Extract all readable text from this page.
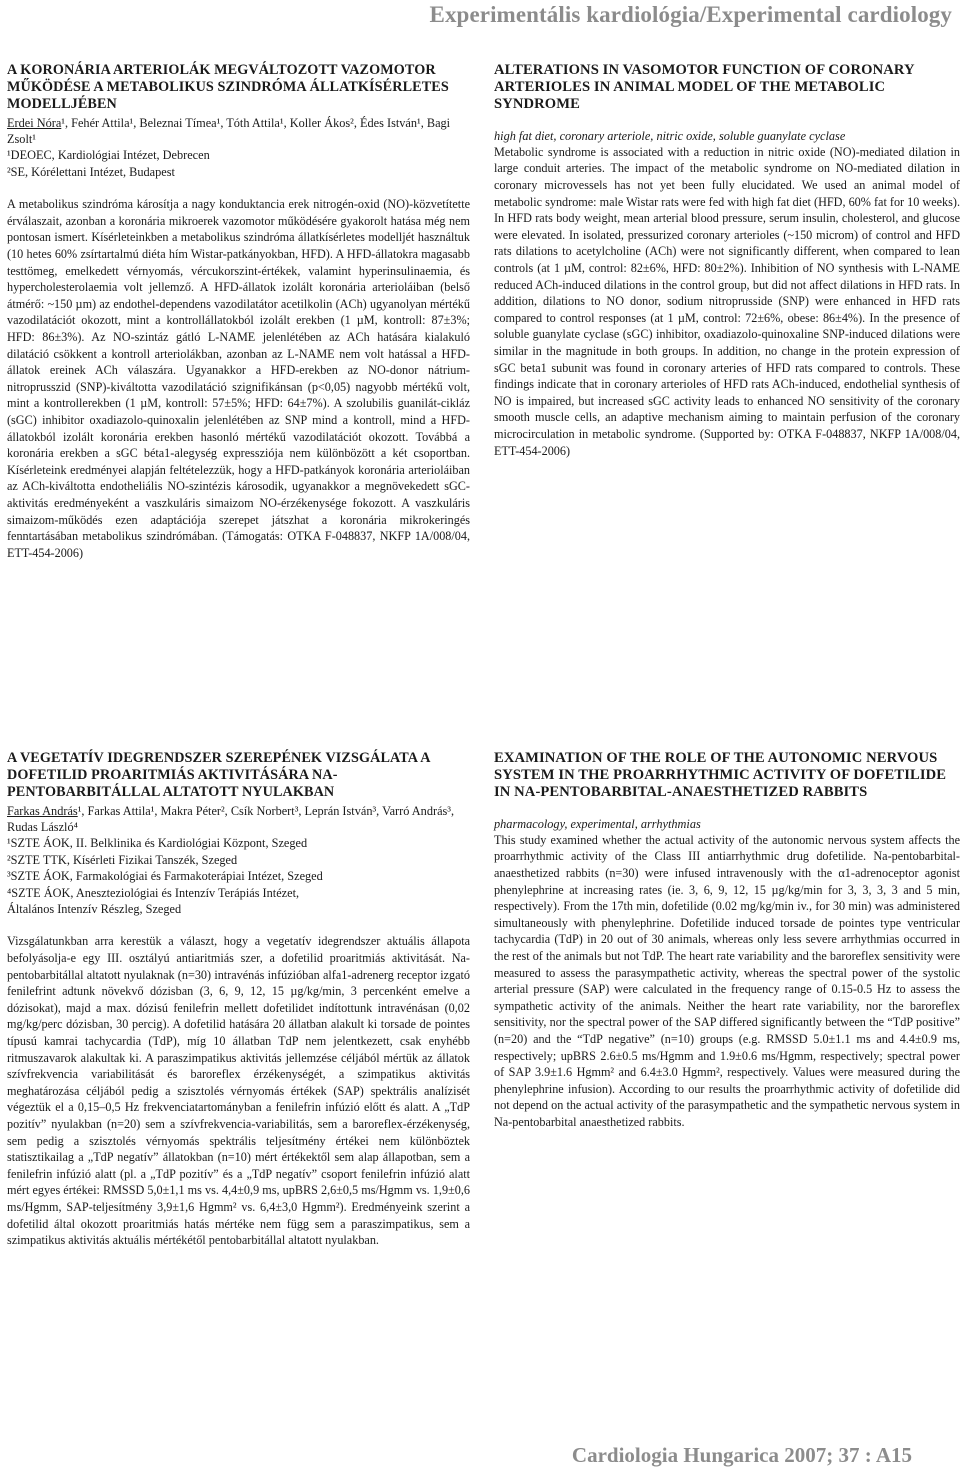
Experimentális kardiológia/Experimental cardiology
A KORONÁRIA ARTERIOLÁK MEGVÁLTOZOTT VAZOMOTOR MŰKÖDÉSE A METABOLIKUS SZINDRÓMA ÁLLATKÍSÉRLETES MODELLJÉBEN
Erdei Nóra¹, Fehér Attila¹, Beleznai Tímea¹, Tóth Attila¹, Koller Ákos², Édes István¹, Bagi Zsolt¹
¹DEOEC, Kardiológiai Intézet, Debrecen
²SE, Kórélettani Intézet, Budapest
A metabolikus szindróma károsítja a nagy konduktancia erek nitrogén-oxid (NO)-közvetítette érválaszait, azonban a koronária mikroerek vazomotor működésére gyakorolt hatása még nem pontosan ismert. Kísérleteinkben a metabolikus szindróma állatkísérletes modelljét használtuk (10 hetes 60% zsírtartalmú diéta hím Wistar-patkányokban, HFD). A HFD-állatokra magasabb testtömeg, emelkedett vérnyomás, vércukorszint-értékek, valamint hyperinsulinaemia, és hypercholesterolaemia volt jellemző. A HFD-állatok izolált koronária arterioláiban (belső átmérő: ~150 µm) az endothel-dependens vazodilatátor acetilkolin (ACh) ugyanolyan mértékű vazodilatációt okozott, mint a kontrollállatokból izolált erekben (1 µM, kontroll: 87±3%; HFD: 86±3%). Az NO-szintáz gátló L-NAME jelenlétében az ACh hatására kialakuló dilatáció csökkent a kontroll arteriolákban, azonban az L-NAME nem volt hatással a HFD-állatok ereinek ACh válaszára. Ugyanakkor a HFD-erekben az NO-donor nátrium-nitroprusszid (SNP)-kiváltotta vazodilatáció szignifikánsan (p<0,05) nagyobb mértékű volt, mint a kontrollerekben (1 µM, kontroll: 57±5%; HFD: 64±7%). A szolubilis guanilát-cikláz (sGC) inhibitor oxadiazolo-quinoxalin jelenlétében az SNP mind a kontroll, mind a HFD-állatokból izolált koronária erekben hasonló mértékű vazodilatációt okozott. Továbbá a koronária erekben a sGC béta1-alegység expressziója nem különbözött a két csoportban. Kísérleteink eredményei alapján feltételezzük, hogy a HFD-patkányok koronária arterioláiban az ACh-kiváltotta endotheliális NO-szintézis károsodik, ugyanakkor a megnövekedett sGC-aktivitás eredményeként a vaszkuláris simaizom NO-érzékenysége fokozott. A vaszkuláris simaizom-működés ezen adaptációja szerepet játszhat a koronária mikrokeringés fenntartásában metabolikus szindrómában. (Támogatás: OTKA F-048837, NKFP 1A/008/04, ETT-454-2006)
ALTERATIONS IN VASOMOTOR FUNCTION OF CORONARY ARTERIOLES IN ANIMAL MODEL OF THE METABOLIC SYNDROME
high fat diet, coronary arteriole, nitric oxide, soluble guanylate cyclase
Metabolic syndrome is associated with a reduction in nitric oxide (NO)-mediated dilation in large conduit arteries. The impact of the metabolic syndrome on NO-mediated dilation in coronary microvessels has not yet been fully elucidated. We used an animal model of metabolic syndrome: male Wistar rats were fed with high fat diet (HFD, 60% fat for 10 weeks). In HFD rats body weight, mean arterial blood pressure, serum insulin, cholesterol, and glucose were elevated. In isolated, pressurized coronary arterioles (~150 microm) of control and HFD rats dilations to acetylcholine (ACh) were not significantly different, when compared to lean controls (at 1 µM, control: 82±6%, HFD: 80±2%). Inhibition of NO synthesis with L-NAME reduced ACh-induced dilations in the control group, but did not affect dilations in HFD rats. In addition, dilations to NO donor, sodium nitroprusside (SNP) were enhanced in HFD rats compared to control responses (at 1 µM, control: 72±6%, obese: 86±4%). In the presence of soluble guanylate cyclase (sGC) inhibitor, oxadiazolo-quinoxaline SNP-induced dilations were similar in the magnitude in both groups. In addition, no change in the protein expression of sGC beta1 subunit was found in coronary arteries of HFD rats compared to controls. These findings indicate that in coronary arterioles of HFD rats ACh-induced, endothelial synthesis of NO is impaired, but increased sGC activity leads to enhanced NO sensitivity of the coronary smooth muscle cells, an adaptive mechanism aiming to maintain perfusion of the coronary microcirculation in metabolic syndrome. (Supported by: OTKA F-048837, NKFP 1A/008/04, ETT-454-2006)
A VEGETATÍV IDEGRENDSZER SZEREPÉNEK VIZSGÁLATA A DOFETILID PROARITMIÁS AKTIVITÁSÁRA NA-PENTOBARBITÁLLAL ALTATOTT NYULAKBAN
Farkas András¹, Farkas Attila¹, Makra Péter², Csík Norbert³, Leprán István³, Varró András³, Rudas László⁴
¹SZTE ÁOK, II. Belklinika és Kardiológiai Központ, Szeged
²SZTE TTK, Kísérleti Fizikai Tanszék, Szeged
³SZTE ÁOK, Farmakológiai és Farmakoterápiai Intézet, Szeged
⁴SZTE ÁOK, Aneszteziológiai és Intenzív Terápiás Intézet,
Általános Intenzív Részleg, Szeged
Vizsgálatunkban arra kerestük a választ, hogy a vegetatív idegrendszer aktuális állapota befolyásolja-e egy III. osztályú antiaritmiás szer, a dofetilid proaritmiás aktivitását. Na-pentobarbitállal altatott nyulaknak (n=30) intravénás infúzióban alfa1-adrenerg receptor izgató fenilefrint adtunk növekvő dózisban (3, 6, 9, 12, 15 µg/kg/min, 3 percenként emelve a dózisokat), majd a max. dózisú fenilefrin mellett dofetilidet indítottunk intravénásan (0,02 mg/kg/perc dózisban, 30 percig). A dofetilid hatására 20 állatban alakult ki torsade de pointes típusú kamrai tachycardia (TdP), míg 10 állatban TdP nem jelentkezett, csak enyhébb ritmuszavarok alakultak ki. A paraszimpatikus aktivitás jellemzése céljából mértük az állatok szívfrekvencia variabilitását és baroreflex érzékenységét, a szimpatikus aktivitás meghatározása céljából pedig a szisztolés vérnyomás értékek (SAP) spektrális analízisét végeztük el a 0,15–0,5 Hz frekvenciatartományban a fenilefrin infúzió előtt és alatt. A „TdP pozitív” nyulakban (n=20) sem a szívfrekvencia-variabilitás, sem a baroreflex-érzékenység, sem pedig a szisztolés vérnyomás spektrális teljesítmény értékei nem különböztek statisztikailag a „TdP negatív” állatokban (n=10) mért értékektől sem alap állapotban, sem a fenilefrin infúzió alatt (pl. a „TdP pozitív” és a „TdP negatív” csoport fenilefrin infúzió alatt mért egyes értékei: RMSSD 5,0±1,1 ms vs. 4,4±0,9 ms, upBRS 2,6±0,5 ms/Hgmm vs. 1,9±0,6 ms/Hgmm, SAP-teljesítmény 3,9±1,6 Hgmm² vs. 6,4±3,0 Hgmm²). Eredményeink szerint a dofetilid által okozott proaritmiás hatás mértéke nem függ sem a paraszimpatikus, sem a szimpatikus aktivitás aktuális mértékétől pentobarbitállal altatott nyulakban.
EXAMINATION OF THE ROLE OF THE AUTONOMIC NERVOUS SYSTEM IN THE PROARRHYTHMIC ACTIVITY OF DOFETILIDE IN NA-PENTOBARBITAL-ANAESTHETIZED RABBITS
pharmacology, experimental, arrhythmias
This study examined whether the actual activity of the autonomic nervous system affects the proarrhythmic activity of the Class III antiarrhythmic drug dofetilide. Na-pentobarbital-anaesthetized rabbits (n=30) were infused intravenously with the α1-adrenoceptor agonist phenylephrine at increasing rates (ie. 3, 6, 9, 12, 15 µg/kg/min for 3, 3, 3, 3 and 5 min, respectively). From the 17th min, dofetilide (0.02 mg/kg/min iv., for 30 min) was administered simultaneously with phenylephrine. Dofetilide induced torsade de pointes type ventricular tachycardia (TdP) in 20 out of 30 animals, whereas only less severe arrhythmias occurred in the rest of the animals but not TdP. The heart rate variability and the baroreflex sensitivity were measured to assess the parasympathetic activity, whereas the spectral power of the systolic arterial pressure (SAP) were calculated in the frequency range of 0.15-0.5 Hz to assess the sympathetic activity of the animals. Neither the heart rate variability, nor the baroreflex sensitivity, nor the spectral power of the SAP differed significantly between the “TdP positive” (n=20) and the “TdP negative” (n=10) groups (e.g. RMSSD 5.0±1.1 ms and 4.4±0.9 ms, respectively; upBRS 2.6±0.5 ms/Hgmm and 1.9±0.6 ms/Hgmm, respectively; spectral power of SAP 3.9±1.6 Hgmm² and 6.4±3.0 Hgmm², respectively. Values were measured during the phenylephrine infusion). According to our results the proarrhythmic activity of dofetilide did not depend on the actual activity of the parasympathetic and the sympathetic nervous system in Na-pentobarbital anaesthetized rabbits.
Cardiologia Hungarica 2007; 37 : A15
